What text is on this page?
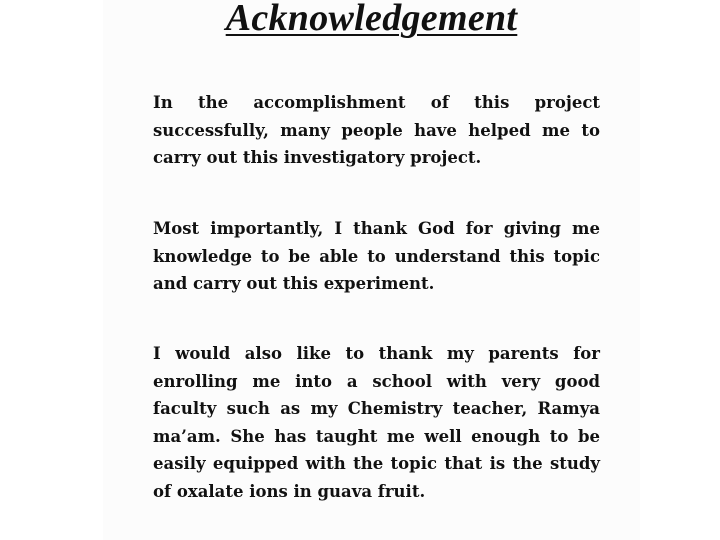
Acknowledgement

In the accomplishment of this project successfully, many people have helped me to carry out this investigatory project.

Most importantly, I thank God for giving me knowledge to be able to understand this topic and carry out this experiment.

I would also like to thank my parents for enrolling me into a school with very good faculty such as my Chemistry teacher, Ramya ma’am. She has taught me well enough to be easily equipped with the topic that is the study of oxalate ions in guava fruit.
